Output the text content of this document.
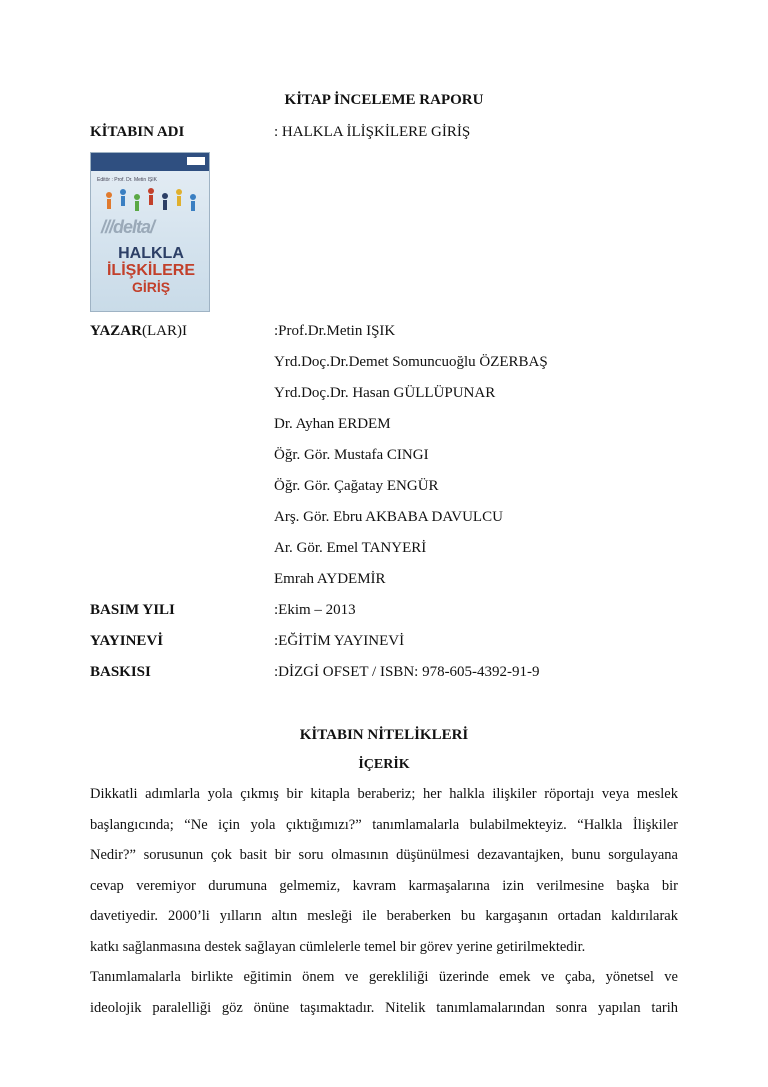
KİTAP İNCELEME RAPORU
KİTABIN ADI	: HALKLA İLİŞKİLERE GİRİŞ
Editör : Prof. Dr. Metin IŞIK
///delta/
HALKLA
İLİŞKİLERE
GİRİŞ
YAZAR(LAR)I	:Prof.Dr.Metin IŞIK
Yrd.Doç.Dr.Demet Somuncuoğlu ÖZERBAŞ
Yrd.Doç.Dr. Hasan GÜLLÜPUNAR
Dr. Ayhan ERDEM
Öğr. Gör. Mustafa CINGI
Öğr. Gör. Çağatay ENGÜR
Arş. Gör. Ebru AKBABA DAVULCU
Ar. Gör. Emel TANYERİ
Emrah AYDEMİR
BASIM YILI	:Ekim – 2013
YAYINEVİ	:EĞİTİM YAYINEVİ
BASKISI	:DİZGİ OFSET / ISBN: 978-605-4392-91-9
KİTABIN NİTELİKLERİ
İÇERİK
Dikkatli adımlarla yola çıkmış bir kitapla beraberiz; her halkla ilişkiler röportajı veya meslek
başlangıcında; “Ne için yola çıktığımızı?” tanımlamalarla bulabilmekteyiz. “Halkla İlişkiler
Nedir?” sorusunun çok basit bir soru olmasının düşünülmesi dezavantajken, bunu sorgulayana
cevap veremiyor durumuna gelmemiz, kavram karmaşalarına izin verilmesine başka bir
davetiyedir. 2000’li yılların altın mesleği ile beraberken bu kargaşanın ortadan kaldırılarak
katkı sağlanmasına destek sağlayan cümlelerle temel bir görev yerine getirilmektedir.
Tanımlamalarla birlikte eğitimin önem ve gerekliliği üzerinde emek ve çaba, yönetsel ve
ideolojik paralelliği göz önüne taşımaktadır. Nitelik tanımlamalarından sonra yapılan tarih
